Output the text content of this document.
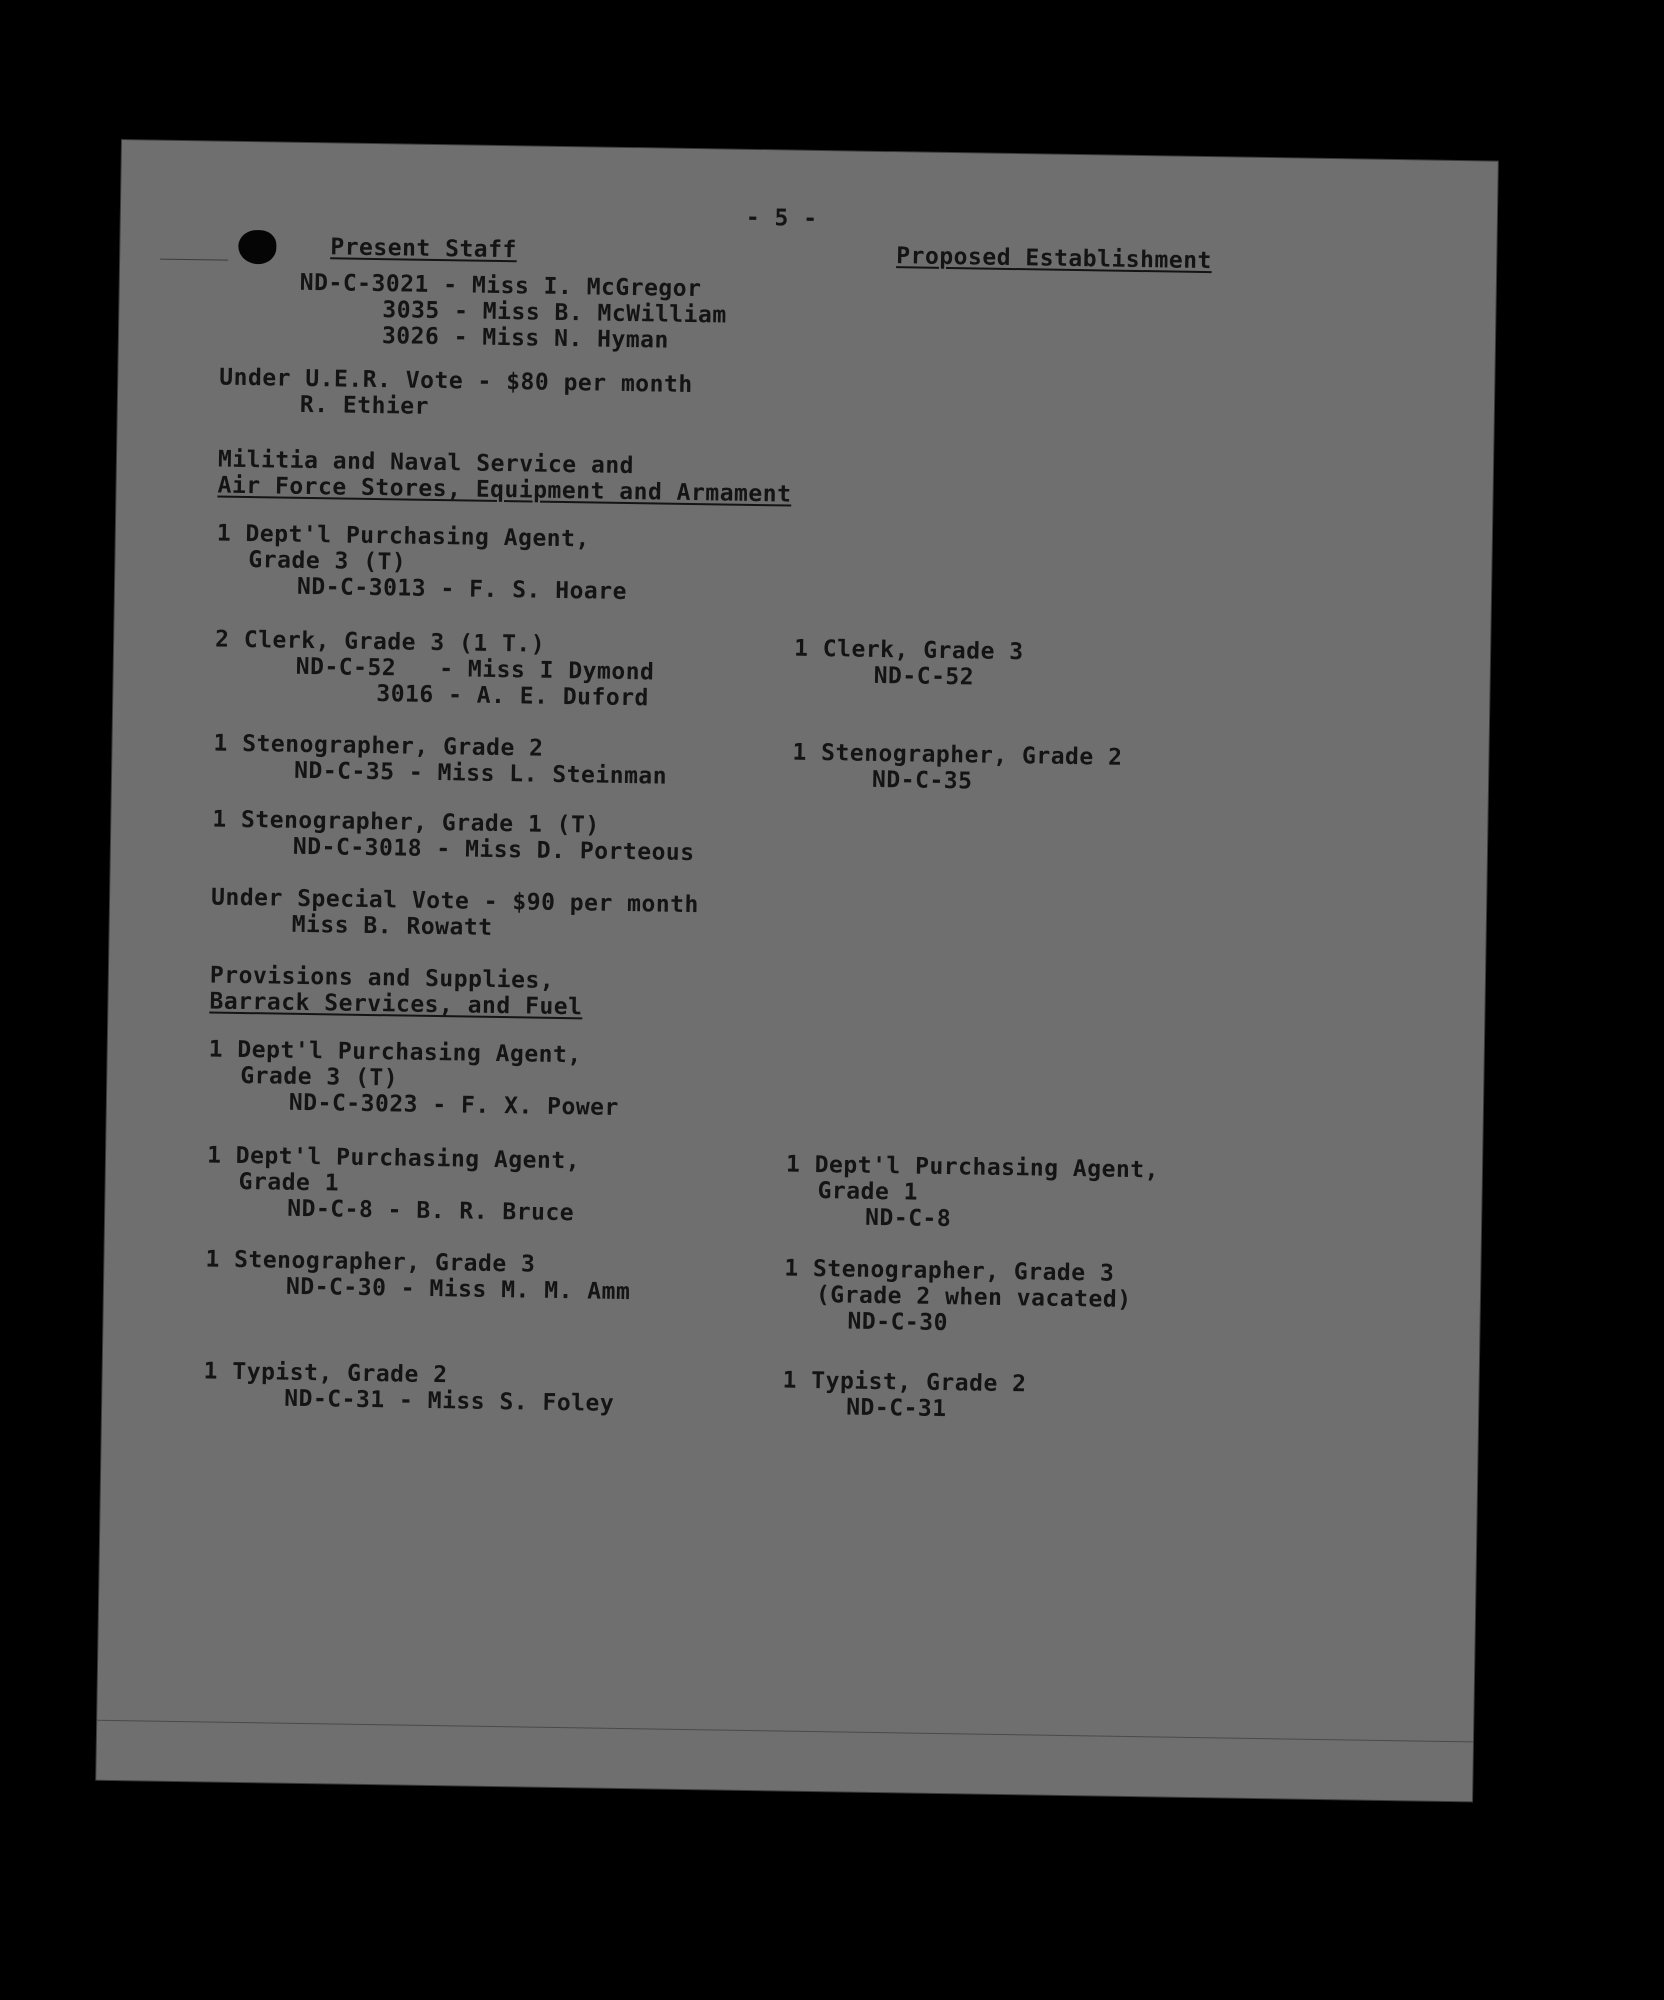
- 5 -
Present Staff	Proposed Establishment
ND-C-3021 - Miss I. McGregor
3035 - Miss B. McWilliam
3026 - Miss N. Hyman
Under U.E.R. Vote - $80 per month
R. Ethier
Militia and Naval Service and
Air Force Stores, Equipment and Armament
1 Dept'l Purchasing Agent,
Grade 3 (T)
ND-C-3013 - F. S. Hoare
2 Clerk, Grade 3 (1 T.)
ND-C-52   - Miss I Dymond
3016 - A. E. Duford
1 Stenographer, Grade 2
ND-C-35 - Miss L. Steinman
1 Stenographer, Grade 1 (T)
ND-C-3018 - Miss D. Porteous
Under Special Vote - $90 per month
Miss B. Rowatt
Provisions and Supplies,
Barrack Services, and Fuel
1 Dept'l Purchasing Agent,
Grade 3 (T)
ND-C-3023 - F. X. Power
1 Dept'l Purchasing Agent,
Grade 1
ND-C-8 - B. R. Bruce
1 Stenographer, Grade 3
ND-C-30 - Miss M. M. Amm
1 Typist, Grade 2
ND-C-31 - Miss S. Foley
1 Clerk, Grade 3
ND-C-52
1 Stenographer, Grade 2
ND-C-35
1 Dept'l Purchasing Agent,
Grade 1
ND-C-8
1 Stenographer, Grade 3
(Grade 2 when vacated)
ND-C-30
1 Typist, Grade 2
ND-C-31
